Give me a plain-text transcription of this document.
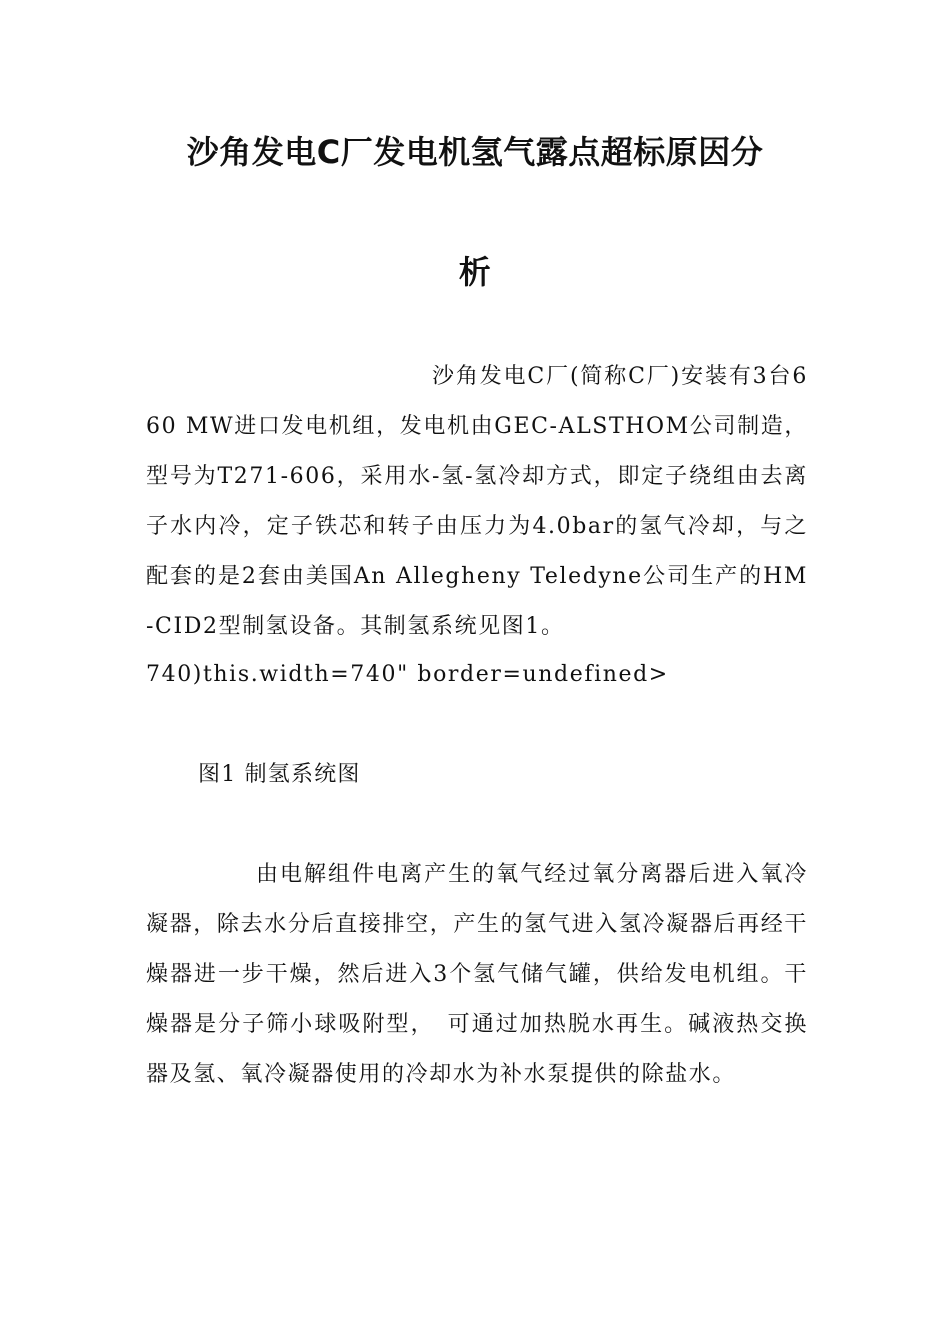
沙角发电C厂发电机氢气露点超标原因分
析

沙角发电C厂(简称C厂)安装有3台660 MW进口发电机组，发电机由GEC-ALSTHOM公司制造，型号为T271-606，采用水-氢-氢冷却方式，即定子绕组由去离子水内冷，定子铁芯和转子由压力为4.0bar的氢气冷却，与之配套的是2套由美国An Allegheny Teledyne公司生产的HM-CID2型制氢设备。其制氢系统见图1。

740)this.width=740" border=undefined>

图1 制氢系统图

由电解组件电离产生的氧气经过氧分离器后进入氧冷凝器，除去水分后直接排空，产生的氢气进入氢冷凝器后再经干燥器进一步干燥，然后进入3个氢气储气罐，供给发电机组。干燥器是分子筛小球吸附型，　可通过加热脱水再生。碱液热交换器及氢、氧冷凝器使用的冷却水为补水泵提供的除盐水。
